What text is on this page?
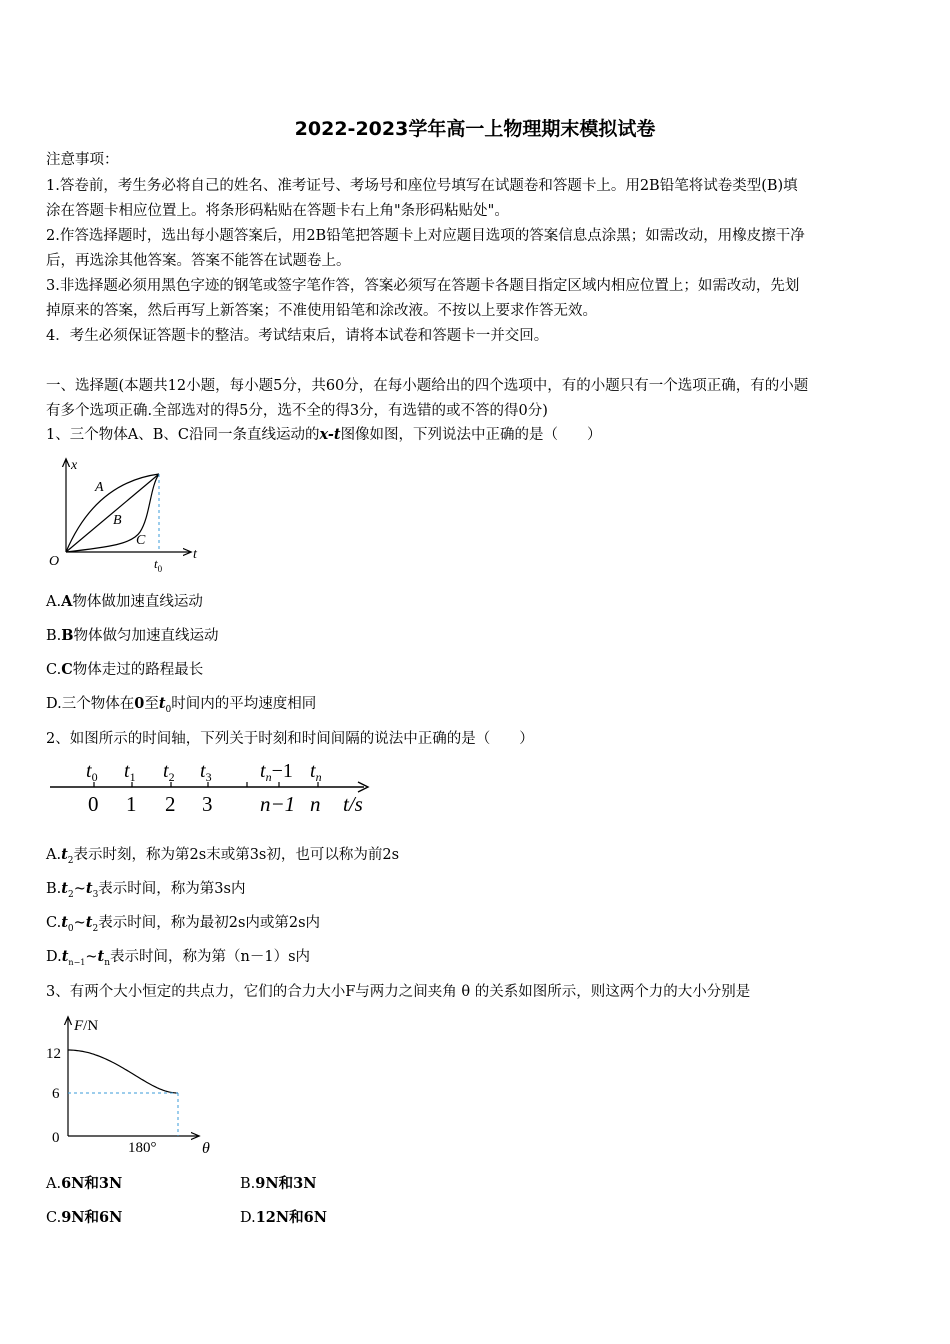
2022-2023学年高一上物理期末模拟试卷
注意事项：
1.答卷前，考生务必将自己的姓名、准考证号、考场号和座位号填写在试题卷和答题卡上。用2B铅笔将试卷类型(B)填
涂在答题卡相应位置上。将条形码粘贴在答题卡右上角"条形码粘贴处"。
2.作答选择题时，选出每小题答案后，用2B铅笔把答题卡上对应题目选项的答案信息点涂黑；如需改动，用橡皮擦干净
后，再选涂其他答案。答案不能答在试题卷上。
3.非选择题必须用黑色字迹的钢笔或签字笔作答，答案必须写在答题卡各题目指定区域内相应位置上；如需改动，先划
掉原来的答案，然后再写上新答案；不准使用铅笔和涂改液。不按以上要求作答无效。
4．考生必须保证答题卡的整洁。考试结束后，请将本试卷和答题卡一并交回。
一、选择题(本题共12小题，每小题5分，共60分，在每小题给出的四个选项中，有的小题只有一个选项正确，有的小题
有多个选项正确.全部选对的得5分，选不全的得3分，有选错的或不答的得0分)
1、三个物体A、B、C沿同一条直线运动的x-t图像如图，下列说法中正确的是（　　）
x
t
O	$t_0$
A
B
C
A.A物体做加速直线运动
B.B物体做匀加速直线运动
C.C物体走过的路程最长
D.三个物体在0至$t_0$时间内的平均速度相同
2、如图所示的时间轴，下列关于时刻和时间间隔的说法中正确的是（　　）
$t_0$ $t_1$ $t_2$ $t_3$ $t_n-1$ $t_n$
0 1 2 3 n−1 n t/s
$A.t_2$表示时刻，称为第2s末或第3s初，也可以称为前2s
$B.t_2\sim t_3$表示时间，称为第3s内
$C.t_0\sim t_2$表示时间，称为最初2s内或第2s内
$D.t_{n-1}\sim t_n$表示时间，称为第（n－1）s内
3、有两个大小恒定的共点力，它们的合力大小F与两力之间夹角 θ 的关系如图所示，则这两个力的大小分别是
F/N
12
6
0
180°	θ
A.6N和3N	B.9N和3N
C.9N和6N	D.12N和6N
